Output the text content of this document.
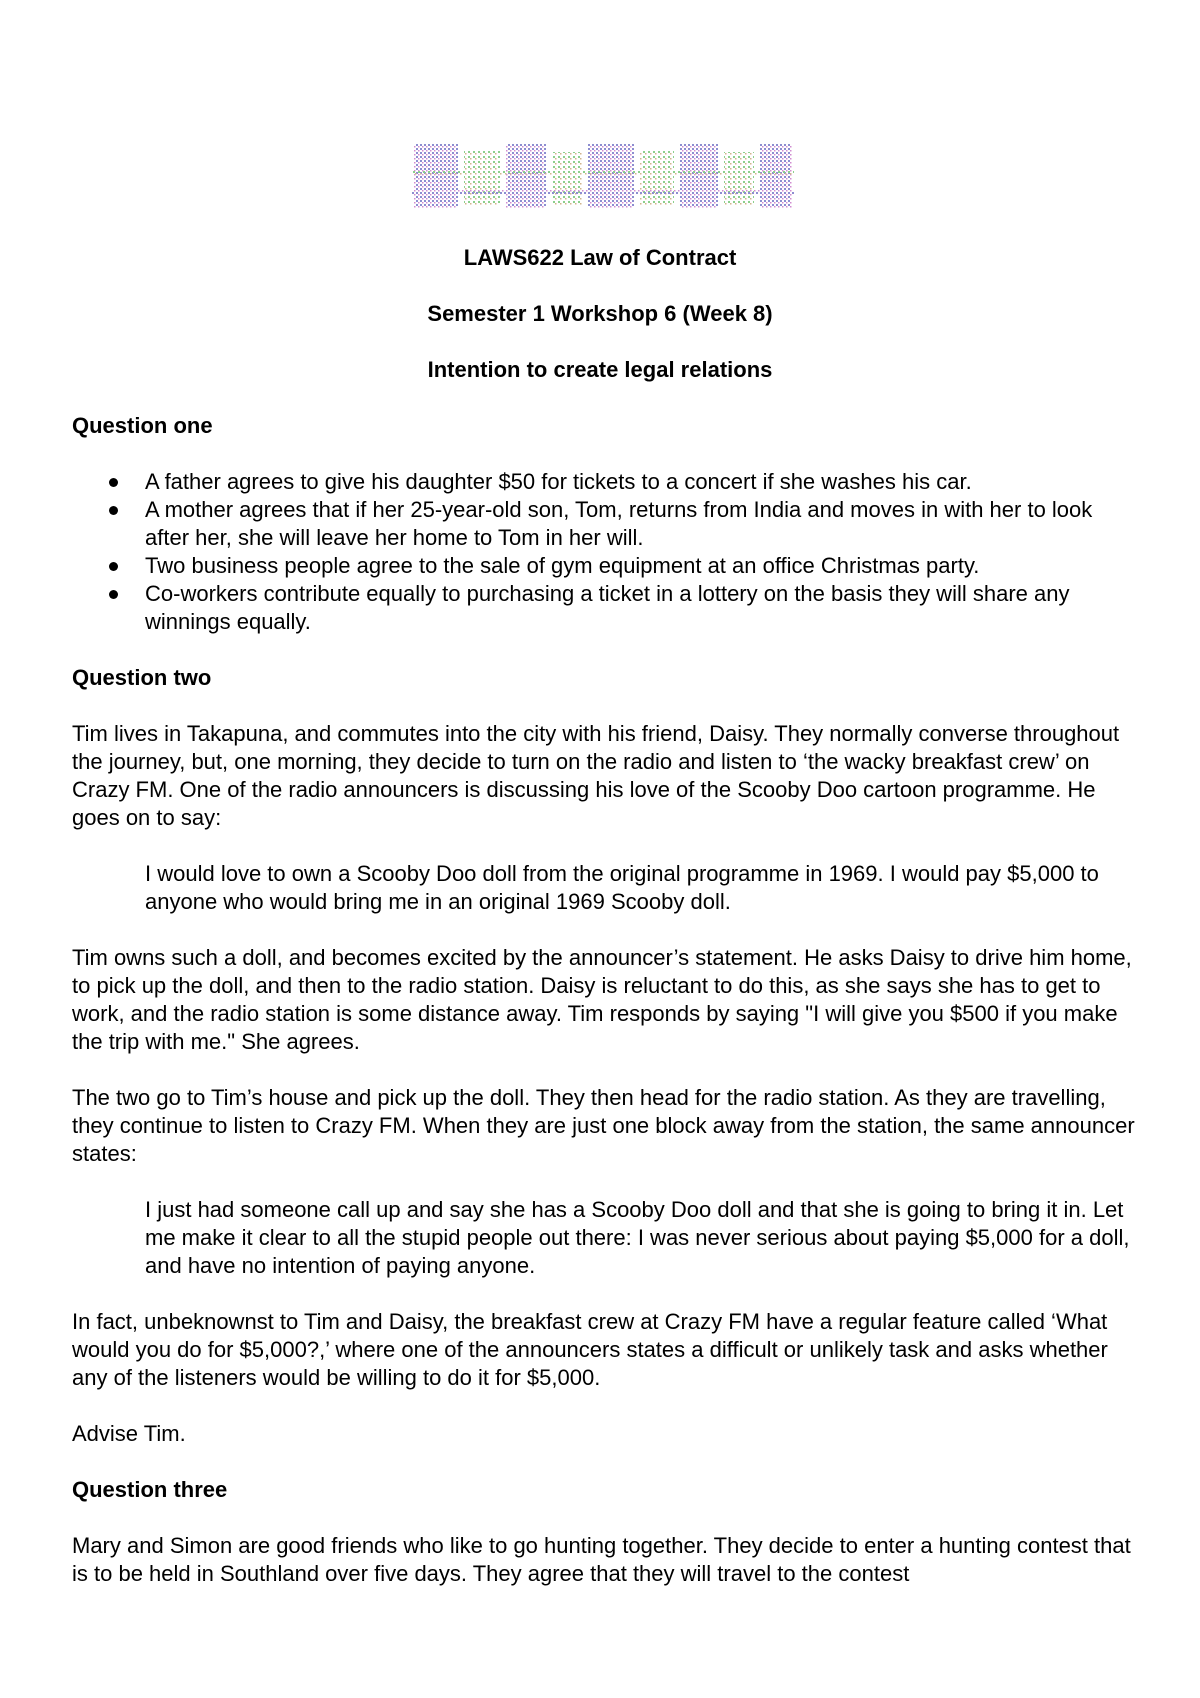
LAWS622 Law of Contract

Semester 1 Workshop 6 (Week 8)

Intention to create legal relations

Question one

A father agrees to give his daughter $50 for tickets to a concert if she washes his car.
A mother agrees that if her 25-year-old son, Tom, returns from India and moves in with her to look after her, she will leave her home to Tom in her will.
Two business people agree to the sale of gym equipment at an office Christmas party.
Co-workers contribute equally to purchasing a ticket in a lottery on the basis they will share any winnings equally.

Question two

Tim lives in Takapuna, and commutes into the city with his friend, Daisy. They normally converse throughout the journey, but, one morning, they decide to turn on the radio and listen to ‘the wacky breakfast crew’ on Crazy FM. One of the radio announcers is discussing his love of the Scooby Doo cartoon programme. He goes on to say:

I would love to own a Scooby Doo doll from the original programme in 1969. I would pay $5,000 to anyone who would bring me in an original 1969 Scooby doll.

Tim owns such a doll, and becomes excited by the announcer’s statement. He asks Daisy to drive him home, to pick up the doll, and then to the radio station. Daisy is reluctant to do this, as she says she has to get to work, and the radio station is some distance away. Tim responds by saying "I will give you $500 if you make the trip with me." She agrees.

The two go to Tim’s house and pick up the doll. They then head for the radio station. As they are travelling, they continue to listen to Crazy FM. When they are just one block away from the station, the same announcer states:

I just had someone call up and say she has a Scooby Doo doll and that she is going to bring it in. Let me make it clear to all the stupid people out there: I was never serious about paying $5,000 for a doll, and have no intention of paying anyone.

In fact, unbeknownst to Tim and Daisy, the breakfast crew at Crazy FM have a regular feature called ‘What would you do for $5,000?,’ where one of the announcers states a difficult or unlikely task and asks whether any of the listeners would be willing to do it for $5,000.

Advise Tim.

Question three

Mary and Simon are good friends who like to go hunting together. They decide to enter a hunting contest that is to be held in Southland over five days. They agree that they will travel to the contest
